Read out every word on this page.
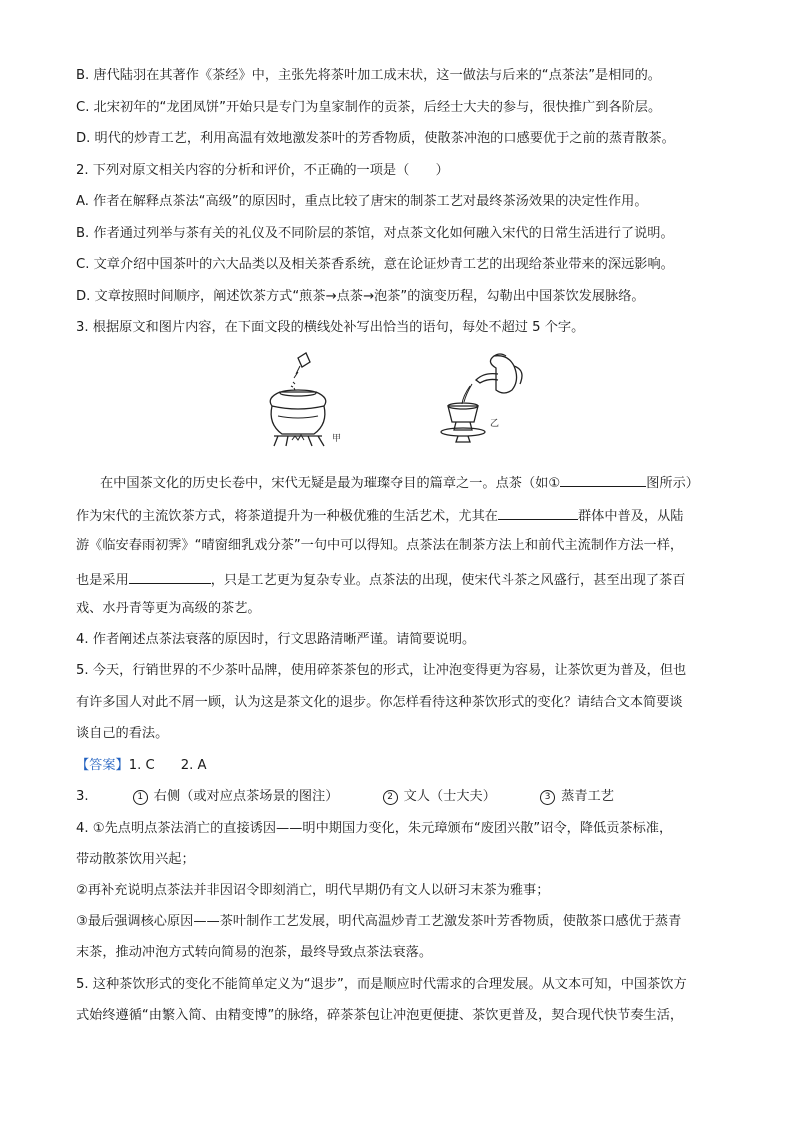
B. 唐代陆羽在其著作《茶经》中，主张先将茶叶加工成末状，这一做法与后来的“点茶法”是相同的。
C. 北宋初年的“龙团凤饼”开始只是专门为皇家制作的贡茶，后经士大夫的参与，很快推广到各阶层。
D. 明代的炒青工艺，利用高温有效地激发茶叶的芳香物质，使散茶冲泡的口感要优于之前的蒸青散茶。
2. 下列对原文相关内容的分析和评价，不正确的一项是（　　）
A. 作者在解释点茶法“高级”的原因时，重点比较了唐宋的制茶工艺对最终茶汤效果的决定性作用。
B. 作者通过列举与茶有关的礼仪及不同阶层的茶馆，对点茶文化如何融入宋代的日常生活进行了说明。
C. 文章介绍中国茶叶的六大品类以及相关茶香系统，意在论证炒青工艺的出现给茶业带来的深远影响。
D. 文章按照时间顺序，阐述饮茶方式“煎茶→点茶→泡茶”的演变历程，勾勒出中国茶饮发展脉络。
3. 根据原文和图片内容，在下面文段的横线处补写出恰当的语句，每处不超过 5 个字。
甲
乙
在中国茶文化的历史长卷中，宋代无疑是最为璀璨夺目的篇章之一。点茶（如①	图所示）
作为宋代的主流饮茶方式，将茶道提升为一种极优雅的生活艺术，尤其在	群体中普及，从陆
游《临安春雨初霁》“晴窗细乳戏分茶”一句中可以得知。点茶法在制茶方法上和前代主流制作方法一样，
也是采用	，只是工艺更为复杂专业。点茶法的出现，使宋代斗茶之风盛行，甚至出现了茶百
戏、水丹青等更为高级的茶艺。
4. 作者阐述点茶法衰落的原因时，行文思路清晰严谨。请简要说明。
5. 今天，行销世界的不少茶叶品牌，使用碎茶茶包的形式，让冲泡变得更为容易，让茶饮更为普及，但也
有许多国人对此不屑一顾，认为这是茶文化的退步。你怎样看待这种茶饮形式的变化？请结合文本简要谈
谈自己的看法。
【答案】1. C 2. A
3.	1 右侧（或对应点茶场景的图注）	2 文人（士大夫）	3 蒸青工艺
4. ①先点明点茶法消亡的直接诱因——明中期国力变化，朱元璋颁布“废团兴散”诏令，降低贡茶标准，
带动散茶饮用兴起；
②再补充说明点茶法并非因诏令即刻消亡，明代早期仍有文人以研习末茶为雅事；
③最后强调核心原因——茶叶制作工艺发展，明代高温炒青工艺激发茶叶芳香物质，使散茶口感优于蒸青
末茶，推动冲泡方式转向简易的泡茶，最终导致点茶法衰落。
5. 这种茶饮形式的变化不能简单定义为“退步”，而是顺应时代需求的合理发展。从文本可知，中国茶饮方
式始终遵循“由繁入简、由精变博”的脉络，碎茶茶包让冲泡更便捷、茶饮更普及，契合现代快节奏生活，
